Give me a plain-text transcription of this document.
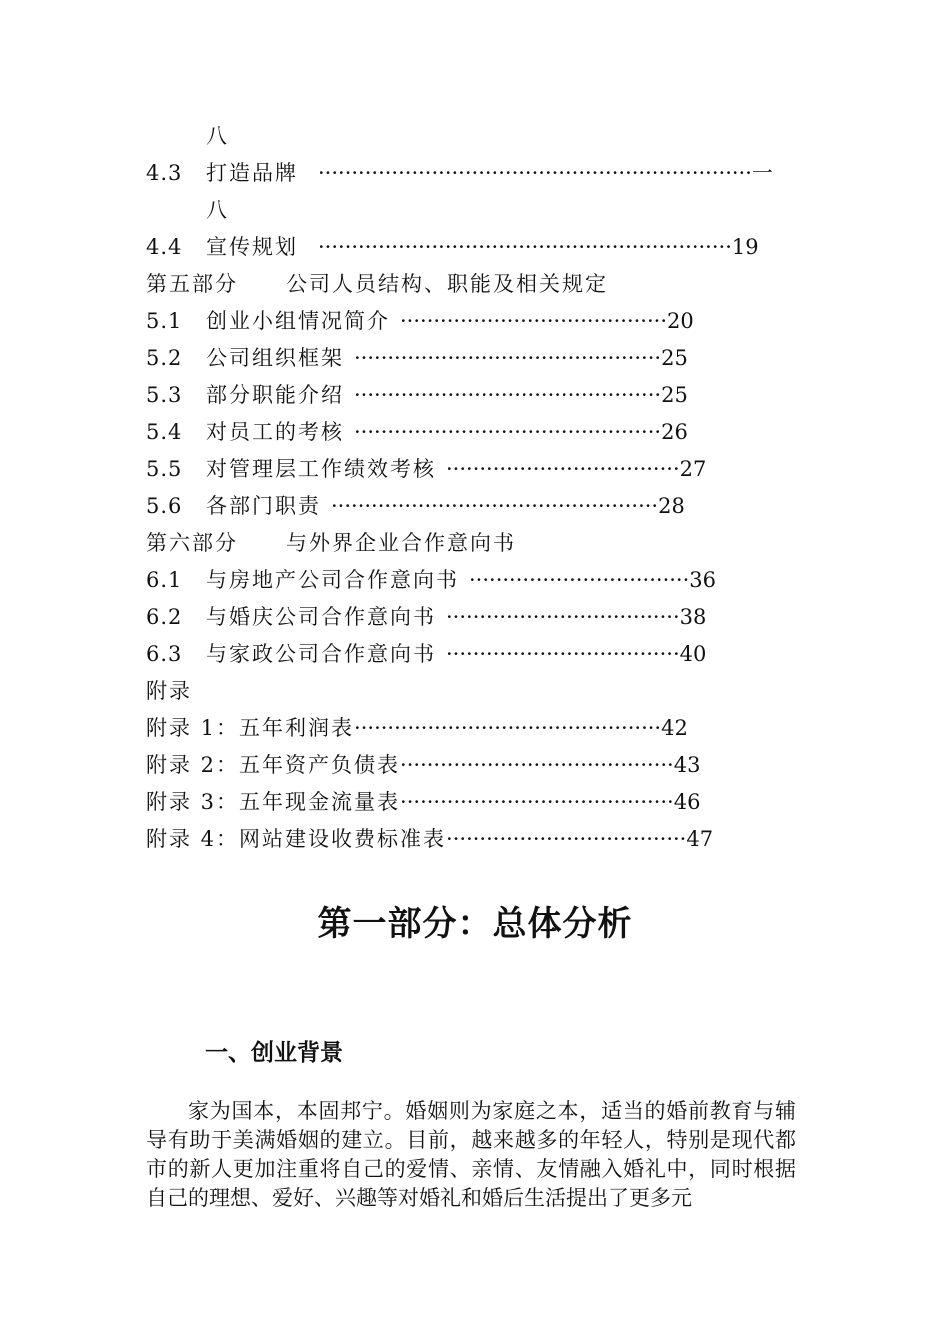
八
4.3 打造品牌 ·································································一
八
4.4 宣传规划 ······························································19
第五部分 公司人员结构、职能及相关规定
5.1 创业小组情况简介 ········································20
5.2 公司组织框架 ··············································25
5.3 部分职能介绍 ··············································25
5.4 对员工的考核 ··············································26
5.5 对管理层工作绩效考核 ···································27
5.6 各部门职责 ·················································28
第六部分 与外界企业合作意向书
6.1 与房地产公司合作意向书 ·································36
6.2 与婚庆公司合作意向书 ···································38
6.3 与家政公司合作意向书 ···································40
附录
附录 1：五年利润表··············································42
附录 2：五年资产负债表·········································43
附录 3：五年现金流量表·········································46
附录 4：网站建设收费标准表····································47
第一部分：总体分析
一、创业背景
家为国本，本固邦宁。婚姻则为家庭之本，适当的婚前教育与辅导有助于美满婚姻的建立。目前，越来越多的年轻人，特别是现代都市的新人更加注重将自己的爱情、亲情、友情融入婚礼中，同时根据自己的理想、爱好、兴趣等对婚礼和婚后生活提出了更多元
